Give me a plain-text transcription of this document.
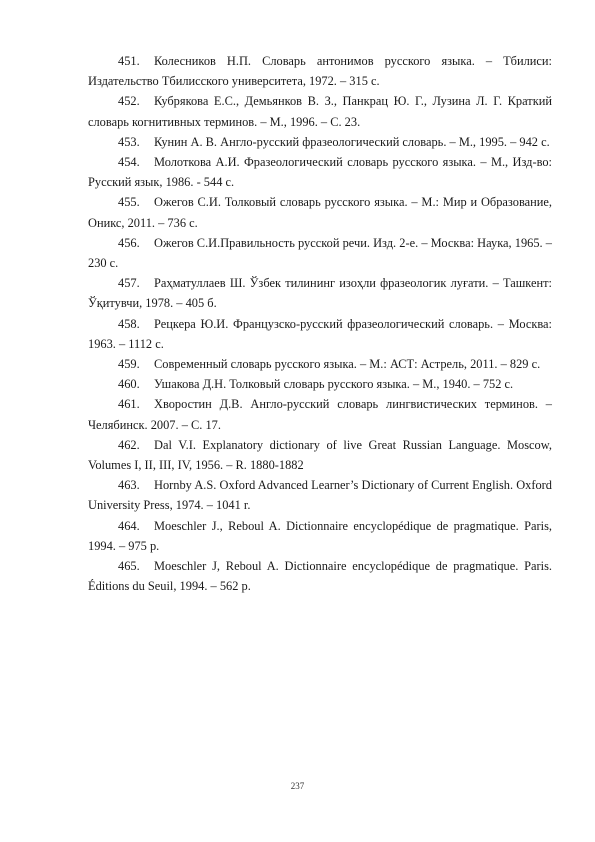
451. Колесников Н.П. Словарь антонимов русского языка. – Тбилиси: Издательство Тбилисского университета, 1972. – 315 с.

452. Кубрякова Е.С., Демьянков В. З., Панкрац Ю. Г., Лузина Л. Г. Краткий словарь когнитивных терминов. – М., 1996. – С. 23.

453. Кунин А. В. Англо-русский фразеологический словарь. – М., 1995. – 942 с.

454. Молоткова А.И. Фразеологический словарь русского языка. – М., Изд-во: Русский язык, 1986. - 544 с.

455. Ожегов С.И. Толковый словарь русского языка. – М.: Мир и Образование, Оникс, 2011. – 736 с.

456. Ожегов С.И.Правильность русской речи. Изд. 2-е. – Москва: Наука, 1965. – 230 с.

457. Раҳматуллаев Ш. Ўзбек тилининг изоҳли фразеологик луғати. – Ташкент: Ўқитувчи, 1978. – 405 б.

458. Рецкера Ю.И. Французско-русский фразеологический словарь. – Москва: 1963. – 1112 с.

459. Современный словарь русского языка. – М.: АСТ: Астрель, 2011. – 829 с.

460. Ушакова Д.Н. Толковый словарь русского языка. – М., 1940. – 752 с.

461. Хворостин Д.В. Англо-русский словарь лингвистических терминов. – Челябинск. 2007. – С. 17.

462. Dal V.I. Explanatory dictionary of live Great Russian Language. Moscow, Volumes I, II, III, IV, 1956. – R. 1880-1882

463. Hornby A.S. Oxford Advanced Learner’s Dictionary of Current English. Oxford University Press, 1974. – 1041 r.

464. Moeschler J., Reboul A. Dictionnaire encyclopédique de pragmatique. Paris, 1994. – 975 p.

465. Moeschler J, Reboul A. Dictionnaire encyclopédique de pragmatique. Paris. Éditions du Seuil, 1994. – 562 p.

237
